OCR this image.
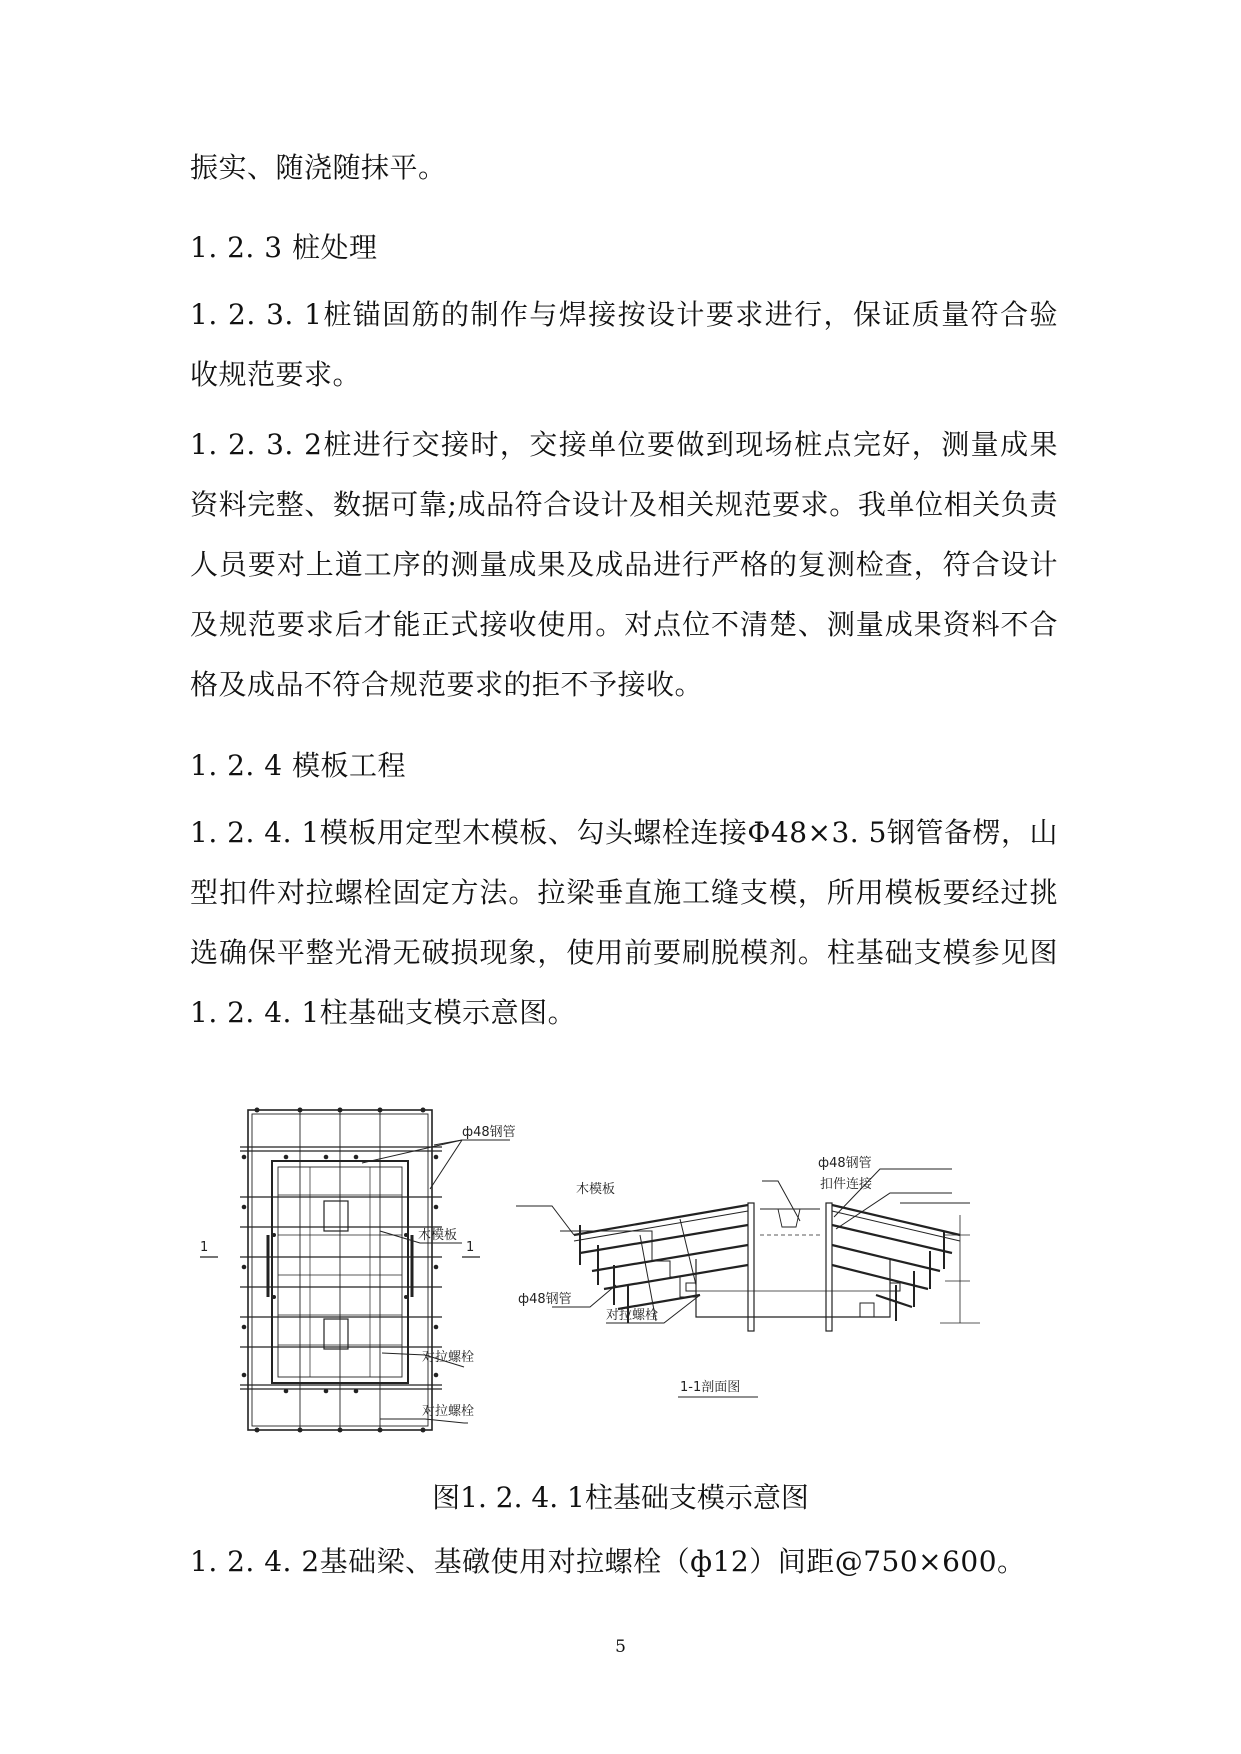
振实、随浇随抹平。

1. 2. 3 桩处理

1. 2. 3. 1桩锚固筋的制作与焊接按设计要求进行，保证质量符合验收规范要求。

1. 2. 3. 2桩进行交接时，交接单位要做到现场桩点完好，测量成果资料完整、数据可靠;成品符合设计及相关规范要求。我单位相关负责人员要对上道工序的测量成果及成品进行严格的复测检查，符合设计及规范要求后才能正式接收使用。对点位不清楚、测量成果资料不合格及成品不符合规范要求的拒不予接收。

1. 2. 4 模板工程

1. 2. 4. 1模板用定型木模板、勾头螺栓连接Φ48×3. 5钢管备楞，山型扣件对拉螺栓固定方法。拉梁垂直施工缝支模，所用模板要经过挑选确保平整光滑无破损现象，使用前要刷脱模剂。柱基础支模参见图1. 2. 4. 1柱基础支模示意图。

ф48钢管
木模板
1	1
对拉螺栓
对拉螺栓
ф48钢管
扣件连接
木模板
ф48钢管
对拉螺栓
1-1剖面图

图1. 2. 4. 1柱基础支模示意图

1. 2. 4. 2基础梁、基礅使用对拉螺栓（ф12）间距@750×600。

5
